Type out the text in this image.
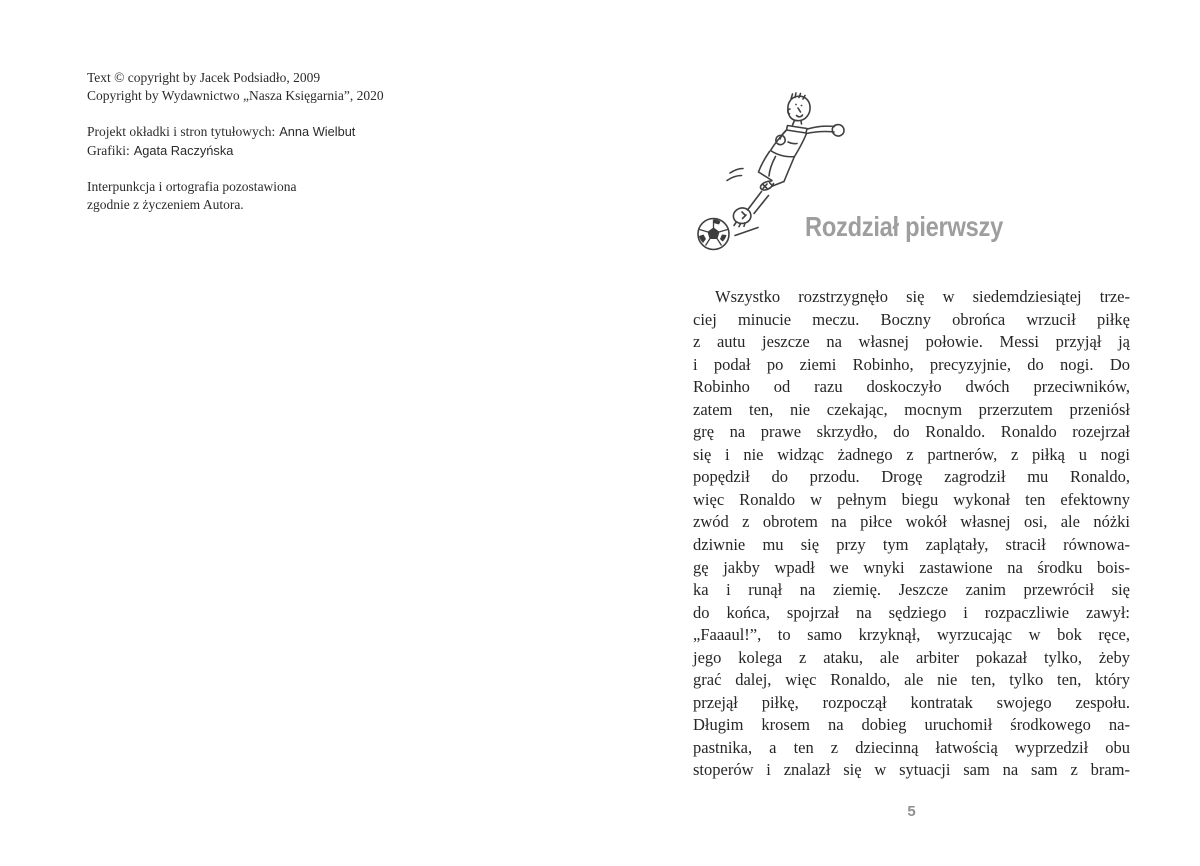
Text © copyright by Jacek Podsiadło, 2009
Copyright by Wydawnictwo „Nasza Księgarnia”, 2020
Projekt okładki i stron tytułowych: Anna Wielbut
Grafiki: Agata Raczyńska
Interpunkcja i ortografia pozostawiona
zgodnie z życzeniem Autora.
Rozdział pierwszy
Wszystko rozstrzygnęło się w siedemdziesiątej trze-
ciej minucie meczu. Boczny obrońca wrzucił piłkę
z autu jeszcze na własnej połowie. Messi przyjął ją
i podał po ziemi Robinho, precyzyjnie, do nogi. Do
Robinho od razu doskoczyło dwóch przeciwników,
zatem ten, nie czekając, mocnym przerzutem przeniósł
grę na prawe skrzydło, do Ronaldo. Ronaldo rozejrzał
się i nie widząc żadnego z partnerów, z piłką u nogi
popędził do przodu. Drogę zagrodził mu Ronaldo,
więc Ronaldo w pełnym biegu wykonał ten efektowny
zwód z obrotem na piłce wokół własnej osi, ale nóżki
dziwnie mu się przy tym zaplątały, stracił równowa-
gę jakby wpadł we wnyki zastawione na środku bois-
ka i runął na ziemię. Jeszcze zanim przewrócił się
do końca, spojrzał na sędziego i rozpaczliwie zawył:
„Faaaul!”, to samo krzyknął, wyrzucając w bok ręce,
jego kolega z ataku, ale arbiter pokazał tylko, żeby
grać dalej, więc Ronaldo, ale nie ten, tylko ten, który
przejął piłkę, rozpoczął kontratak swojego zespołu.
Długim krosem na dobieg uruchomił środkowego na-
pastnika, a ten z dziecinną łatwością wyprzedził obu
stoperów i znalazł się w sytuacji sam na sam z bram-
5
